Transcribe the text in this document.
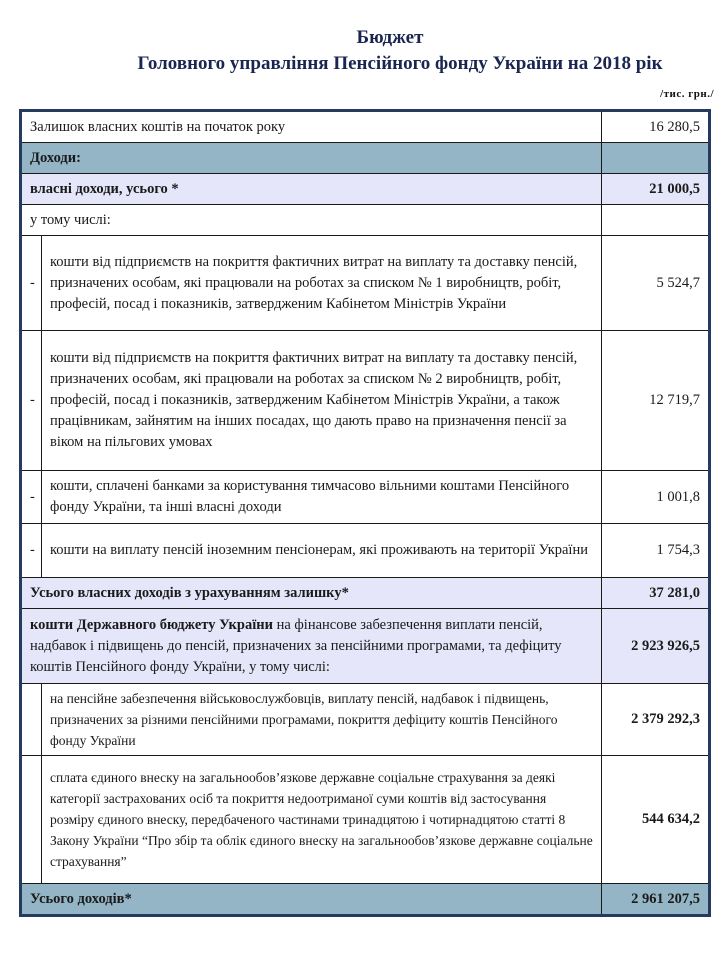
Бюджет
Головного управління Пенсійного фонду України на 2018 рік
/тис. грн./
Залишок власних коштів на початок року		16 280,5
Доходи:		
власні доходи, усього *		21 000,5
у тому числі:		
-	кошти від підприємств на покриття фактичних витрат на виплату та доставку пенсій, призначених особам, які працювали на роботах за списком № 1 виробництв, робіт, професій, посад і показників, затвердженим Кабінетом Міністрів України	5 524,7
-	кошти від підприємств на покриття фактичних витрат на виплату та доставку пенсій, призначених особам, які працювали на роботах за списком № 2 виробництв, робіт, професій, посад і показників, затвердженим Кабінетом Міністрів України, а також працівникам, зайнятим на інших посадах, що дають право на призначення пенсії за віком на пільгових умовах	12 719,7
-	кошти, сплачені банками за користування тимчасово вільними коштами Пенсійного фонду України, та інші власні доходи	1 001,8
-	кошти на виплату пенсій іноземним пенсіонерам, які проживають на території України	1 754,3
Усього власних доходів з урахуванням залишку*		37 281,0
кошти Державного бюджету України на фінансове забезпечення виплати пенсій, надбавок і підвищень до пенсій, призначених за пенсійними програмами, та дефіциту коштів Пенсійного фонду України, у тому числі:		2 923 926,5
	на пенсійне забезпечення військовослужбовців, виплату пенсій, надбавок і підвищень, призначених за різними пенсійними програмами, покриття дефіциту коштів Пенсійного фонду України	2 379 292,3
	сплата єдиного внеску на загальнообов’язкове державне соціальне страхування за деякі категорії застрахованих осіб та покриття недоотриманої суми коштів від застосування розміру єдиного внеску, передбаченого частинами тринадцятою і чотирнадцятою статті 8 Закону України “Про збір та облік єдиного внеску на загальнообов’язкове державне соціальне страхування”	544 634,2
Усього доходів*		2 961 207,5
